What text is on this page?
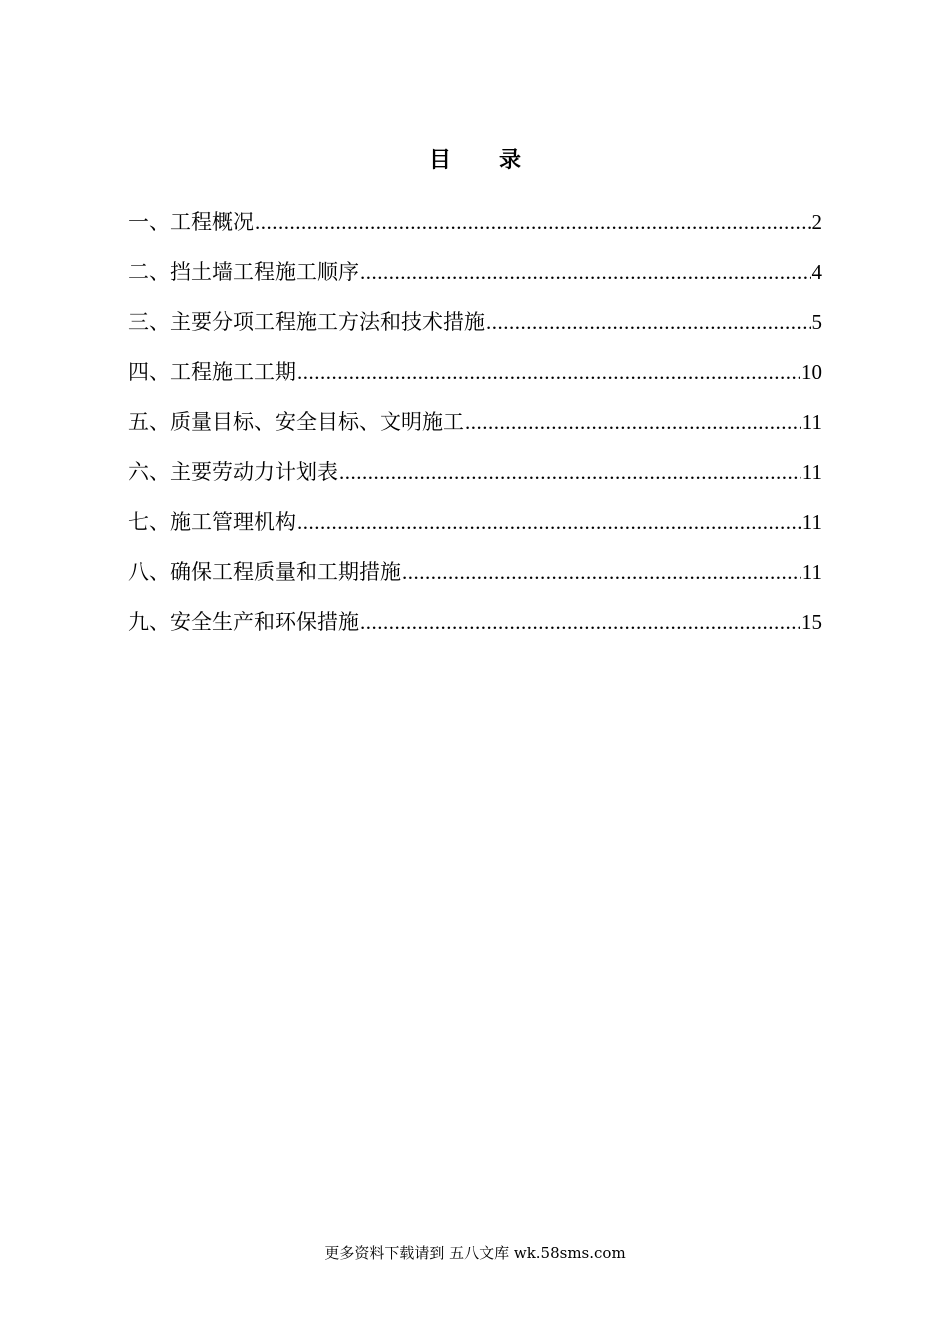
目 录
一、工程概况 .....	2
二、挡土墙工程施工顺序 .....	4
三、主要分项工程施工方法和技术措施 .....	5
四、工程施工工期 .....	10
五、质量目标、安全目标、文明施工 .....	11
六、主要劳动力计划表 .....	11
七、施工管理机构 .....	11
八、确保工程质量和工期措施 .....	11
九、安全生产和环保措施 .....	15
更多资料下载请到 五八文库 wk.58sms.com
